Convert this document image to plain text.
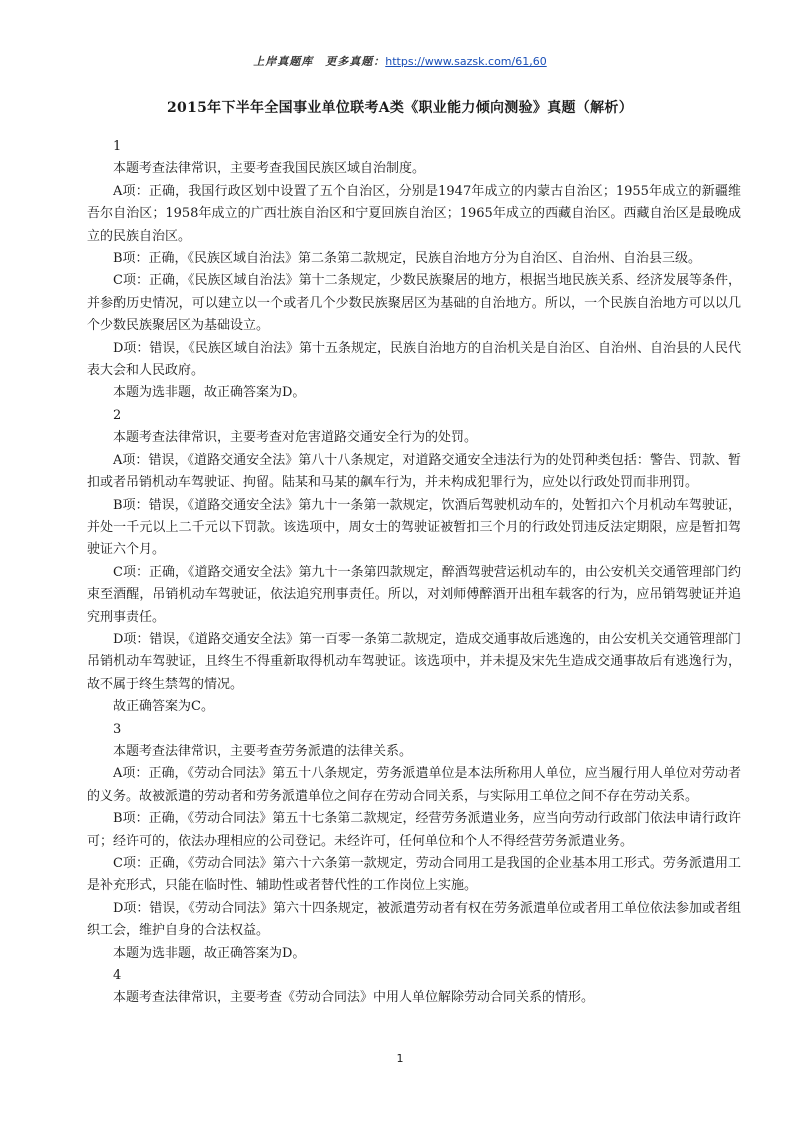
上岸真题库 更多真题：https://www.sazsk.com/61,60
2015年下半年全国事业单位联考A类《职业能力倾向测验》真题（解析）

1

本题考查法律常识，主要考查我国民族区域自治制度。

A项：正确，我国行政区划中设置了五个自治区，分别是1947年成立的内蒙古自治区；1955年成立的新疆维吾尔自治区；1958年成立的广西壮族自治区和宁夏回族自治区；1965年成立的西藏自治区。西藏自治区是最晚成立的民族自治区。

B项：正确，《民族区域自治法》第二条第二款规定，民族自治地方分为自治区、自治州、自治县三级。

C项：正确，《民族区域自治法》第十二条规定，少数民族聚居的地方，根据当地民族关系、经济发展等条件，并参酌历史情况，可以建立以一个或者几个少数民族聚居区为基础的自治地方。所以，一个民族自治地方可以以几个少数民族聚居区为基础设立。

D项：错误，《民族区域自治法》第十五条规定，民族自治地方的自治机关是自治区、自治州、自治县的人民代表大会和人民政府。

本题为选非题，故正确答案为D。

2

本题考查法律常识，主要考查对危害道路交通安全行为的处罚。

A项：错误，《道路交通安全法》第八十八条规定，对道路交通安全违法行为的处罚种类包括：警告、罚款、暂扣或者吊销机动车驾驶证、拘留。陆某和马某的飙车行为，并未构成犯罪行为，应处以行政处罚而非刑罚。

B项：错误，《道路交通安全法》第九十一条第一款规定，饮酒后驾驶机动车的，处暂扣六个月机动车驾驶证，并处一千元以上二千元以下罚款。该选项中，周女士的驾驶证被暂扣三个月的行政处罚违反法定期限，应是暂扣驾驶证六个月。

C项：正确，《道路交通安全法》第九十一条第四款规定，醉酒驾驶营运机动车的，由公安机关交通管理部门约束至酒醒，吊销机动车驾驶证，依法追究刑事责任。所以，对刘师傅醉酒开出租车载客的行为，应吊销驾驶证并追究刑事责任。

D项：错误，《道路交通安全法》第一百零一条第二款规定，造成交通事故后逃逸的，由公安机关交通管理部门吊销机动车驾驶证，且终生不得重新取得机动车驾驶证。该选项中，并未提及宋先生造成交通事故后有逃逸行为，故不属于终生禁驾的情况。

故正确答案为C。

3

本题考查法律常识，主要考查劳务派遣的法律关系。

A项：正确，《劳动合同法》第五十八条规定，劳务派遣单位是本法所称用人单位，应当履行用人单位对劳动者的义务。故被派遣的劳动者和劳务派遣单位之间存在劳动合同关系，与实际用工单位之间不存在劳动关系。

B项：正确，《劳动合同法》第五十七条第二款规定，经营劳务派遣业务，应当向劳动行政部门依法申请行政许可；经许可的，依法办理相应的公司登记。未经许可，任何单位和个人不得经营劳务派遣业务。

C项：正确，《劳动合同法》第六十六条第一款规定，劳动合同用工是我国的企业基本用工形式。劳务派遣用工是补充形式，只能在临时性、辅助性或者替代性的工作岗位上实施。

D项：错误，《劳动合同法》第六十四条规定，被派遣劳动者有权在劳务派遣单位或者用工单位依法参加或者组织工会，维护自身的合法权益。

本题为选非题，故正确答案为D。

4

本题考查法律常识，主要考查《劳动合同法》中用人单位解除劳动合同关系的情形。

1
